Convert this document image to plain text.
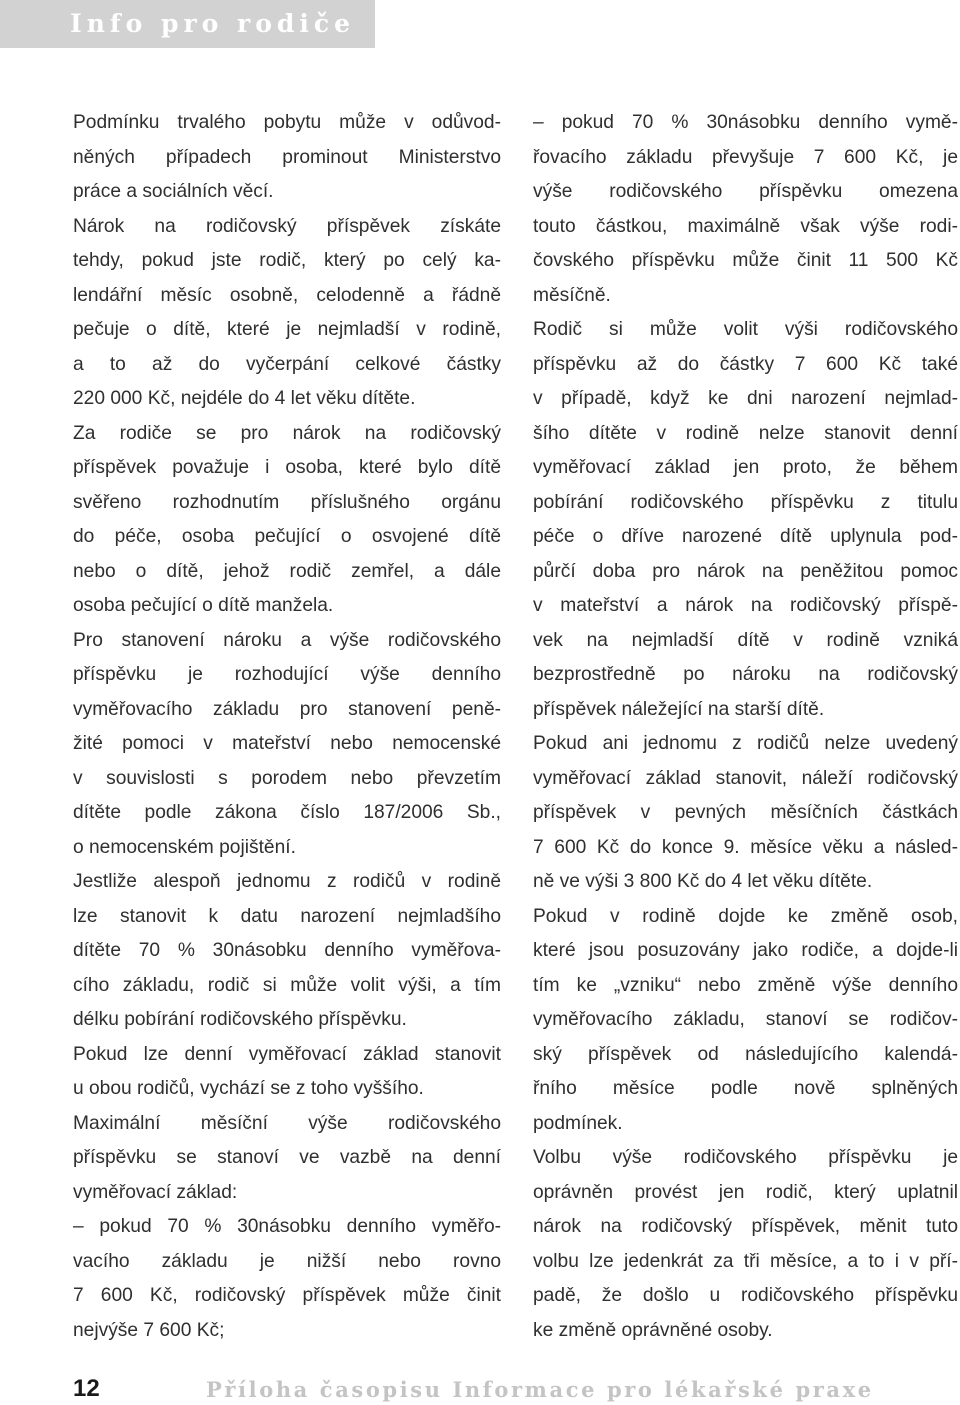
Info pro rodiče
Podmínku trvalého pobytu může v odůvod-
něných případech prominout Ministerstvo
práce a sociálních věcí.
Nárok na rodičovský příspěvek získáte
tehdy, pokud jste rodič, který po celý ka-
lendářní měsíc osobně, celodenně a řádně
pečuje o dítě, které je nejmladší v rodině,
a to až do vyčerpání celkové částky
220 000 Kč, nejdéle do 4 let věku dítěte.
Za rodiče se pro nárok na rodičovský
příspěvek považuje i osoba, které bylo dítě
svěřeno rozhodnutím příslušného orgánu
do péče, osoba pečující o osvojené dítě
nebo o dítě, jehož rodič zemřel, a dále
osoba pečující o dítě manžela.
Pro stanovení nároku a výše rodičovského
příspěvku je rozhodující výše denního
vyměřovacího základu pro stanovení peně-
žité pomoci v mateřství nebo nemocenské
v souvislosti s porodem nebo převzetím
dítěte podle zákona číslo 187/2006 Sb.,
o nemocenském pojištění.
Jestliže alespoň jednomu z rodičů v rodině
lze stanovit k datu narození nejmladšího
dítěte 70 % 30násobku denního vyměřova-
cího základu, rodič si může volit výši, a tím
délku pobírání rodičovského příspěvku.
Pokud lze denní vyměřovací základ stanovit
u obou rodičů, vychází se z toho vyššího.
Maximální měsíční výše rodičovského
příspěvku se stanoví ve vazbě na denní
vyměřovací základ:
– pokud 70 % 30násobku denního vyměřo-
vacího základu je nižší nebo rovno
7 600 Kč, rodičovský příspěvek může činit
nejvýše 7 600 Kč;
– pokud 70 % 30násobku denního vymě-
řovacího základu převyšuje 7 600 Kč, je
výše rodičovského příspěvku omezena
touto částkou, maximálně však výše rodi-
čovského příspěvku může činit 11 500 Kč
měsíčně.
Rodič si může volit výši rodičovského
příspěvku až do částky 7 600 Kč také
v případě, když ke dni narození nejmlad-
šího dítěte v rodině nelze stanovit denní
vyměřovací základ jen proto, že během
pobírání rodičovského příspěvku z titulu
péče o dříve narozené dítě uplynula pod-
půrčí doba pro nárok na peněžitou pomoc
v mateřství a nárok na rodičovský příspě-
vek na nejmladší dítě v rodině vzniká
bezprostředně po nároku na rodičovský
příspěvek náležející na starší dítě.
Pokud ani jednomu z rodičů nelze uvedený
vyměřovací základ stanovit, náleží rodičovský
příspěvek v pevných měsíčních částkách
7 600 Kč do konce 9. měsíce věku a násled-
ně ve výši 3 800 Kč do 4 let věku dítěte.
Pokud v rodině dojde ke změně osob,
které jsou posuzovány jako rodiče, a dojde-li
tím ke „vzniku“ nebo změně výše denního
vyměřovacího základu, stanoví se rodičov-
ský příspěvek od následujícího kalendá-
řního měsíce podle nově splněných
podmínek.
Volbu výše rodičovského příspěvku je
oprávněn provést jen rodič, který uplatnil
nárok na rodičovský příspěvek, měnit tuto
volbu lze jedenkrát za tři měsíce, a to i v pří-
padě, že došlo u rodičovského příspěvku
ke změně oprávněné osoby.
12	Příloha časopisu Informace pro lékařské praxe
